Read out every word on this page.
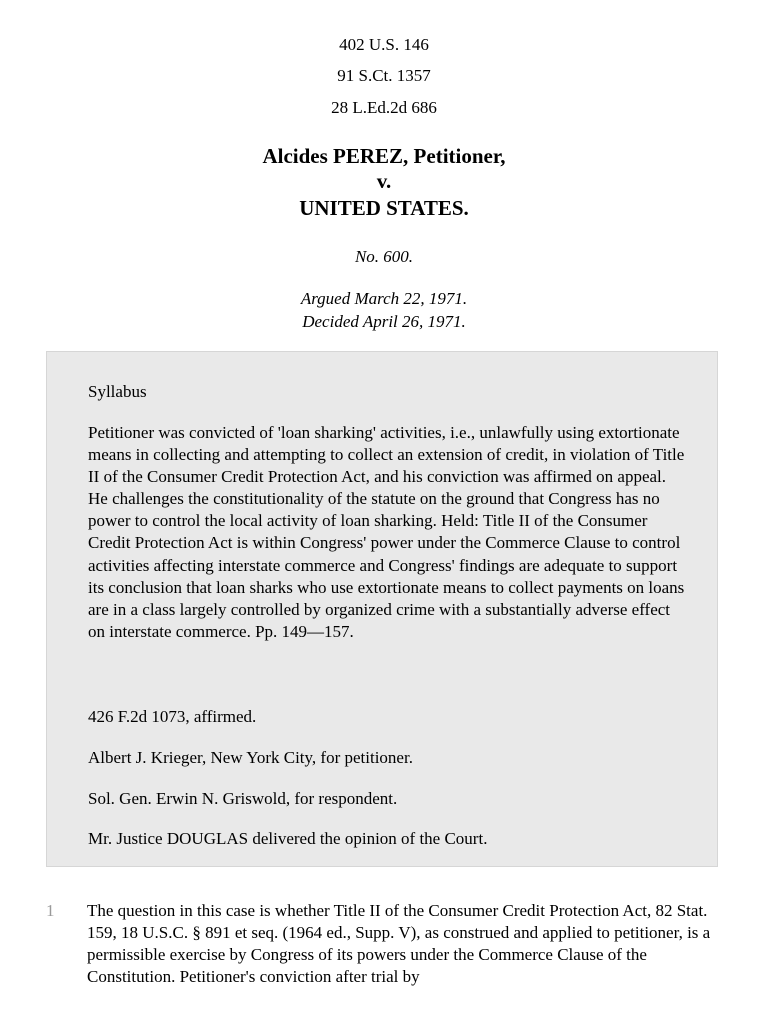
402 U.S. 146
91 S.Ct. 1357
28 L.Ed.2d 686
Alcides PEREZ, Petitioner,
v.
UNITED STATES.
No. 600.
Argued March 22, 1971.
Decided April 26, 1971.
Syllabus
Petitioner was convicted of 'loan sharking' activities, i.e., unlawfully using extortionate means in collecting and attempting to collect an extension of credit, in violation of Title II of the Consumer Credit Protection Act, and his conviction was affirmed on appeal. He challenges the constitutionality of the statute on the ground that Congress has no power to control the local activity of loan sharking. Held: Title II of the Consumer Credit Protection Act is within Congress' power under the Commerce Clause to control activities affecting interstate commerce and Congress' findings are adequate to support its conclusion that loan sharks who use extortionate means to collect payments on loans are in a class largely controlled by organized crime with a substantially adverse effect on interstate commerce. Pp. 149—157.
426 F.2d 1073, affirmed.
Albert J. Krieger, New York City, for petitioner.
Sol. Gen. Erwin N. Griswold, for respondent.
Mr. Justice DOUGLAS delivered the opinion of the Court.
1 The question in this case is whether Title II of the Consumer Credit Protection Act, 82 Stat. 159, 18 U.S.C. § 891 et seq. (1964 ed., Supp. V), as construed and applied to petitioner, is a permissible exercise by Congress of its powers under the Commerce Clause of the Constitution. Petitioner's conviction after trial by
